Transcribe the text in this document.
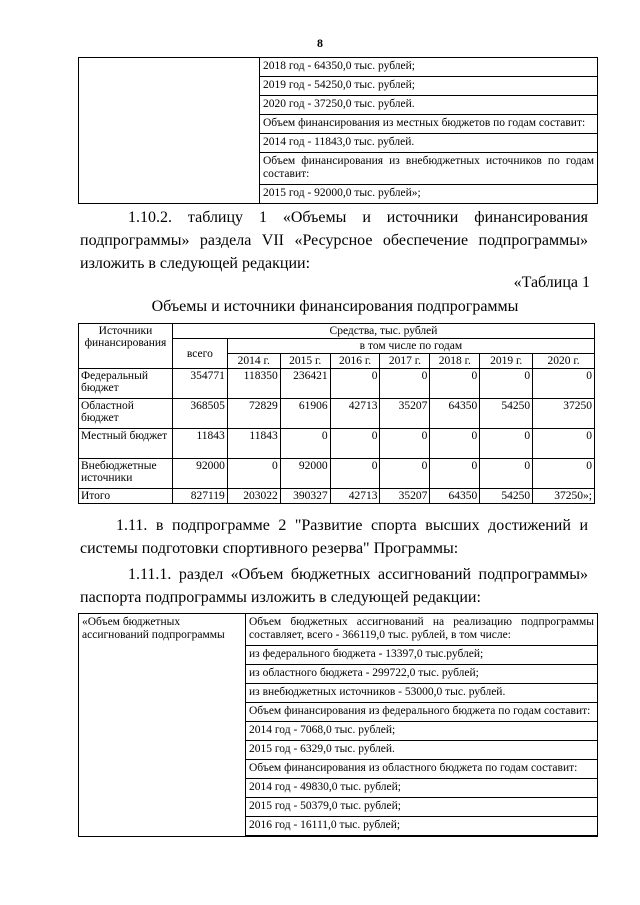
8

2018 год - 64350,0 тыс. рублей;
2019 год - 54250,0 тыс. рублей;
2020 год - 37250,0 тыс. рублей.
Объем финансирования из местных бюджетов по годам составит:
2014 год - 11843,0 тыс. рублей.
Объем финансирования из внебюджетных источников по годам составит:
2015 год - 92000,0 тыс. рублей»;
1.10.2. таблицу 1 «Объемы и источники финансирования подпрограммы» раздела VII «Ресурсное обеспечение подпрограммы» изложить в следующей редакции:
«Таблица 1
Объемы и источники финансирования подпрограммы
Источники финансирования	Средства, тыс. рублей							
	всего	в том числе по годам						
		2014 г.	2015 г.	2016 г.	2017 г.	2018 г.	2019 г.	2020 г.
Федеральный бюджет	354771	118350	236421	0	0	0	0	0
Областной бюджет	368505	72829	61906	42713	35207	64350	54250	37250
Местный бюджет	11843	11843	0	0	0	0	0	0
Внебюджетные источники	92000	0	92000	0	0	0	0	0
Итого	827119	203022	390327	42713	35207	64350	54250	37250»;
1.11. в подпрограмме 2 "Развитие спорта высших достижений и системы подготовки спортивного резерва" Программы:
1.11.1. раздел «Объем бюджетных ассигнований подпрограммы» паспорта подпрограммы изложить в следующей редакции:
«Объем бюджетных ассигнований подпрограммы	
Объем бюджетных ассигнований на реализацию подпрограммы составляет, всего - 366119,0 тыс. рублей, в том числе:
из федерального бюджета - 13397,0 тыс.рублей;
из областного бюджета - 299722,0 тыс. рублей;
из внебюджетных источников - 53000,0 тыс. рублей.
Объем финансирования из федерального бюджета по годам составит:
2014 год - 7068,0 тыс. рублей;
2015 год - 6329,0 тыс. рублей.
Объем финансирования из областного бюджета по годам составит:
2014 год - 49830,0 тыс. рублей;
2015 год - 50379,0 тыс. рублей;
2016 год - 16111,0 тыс. рублей;
